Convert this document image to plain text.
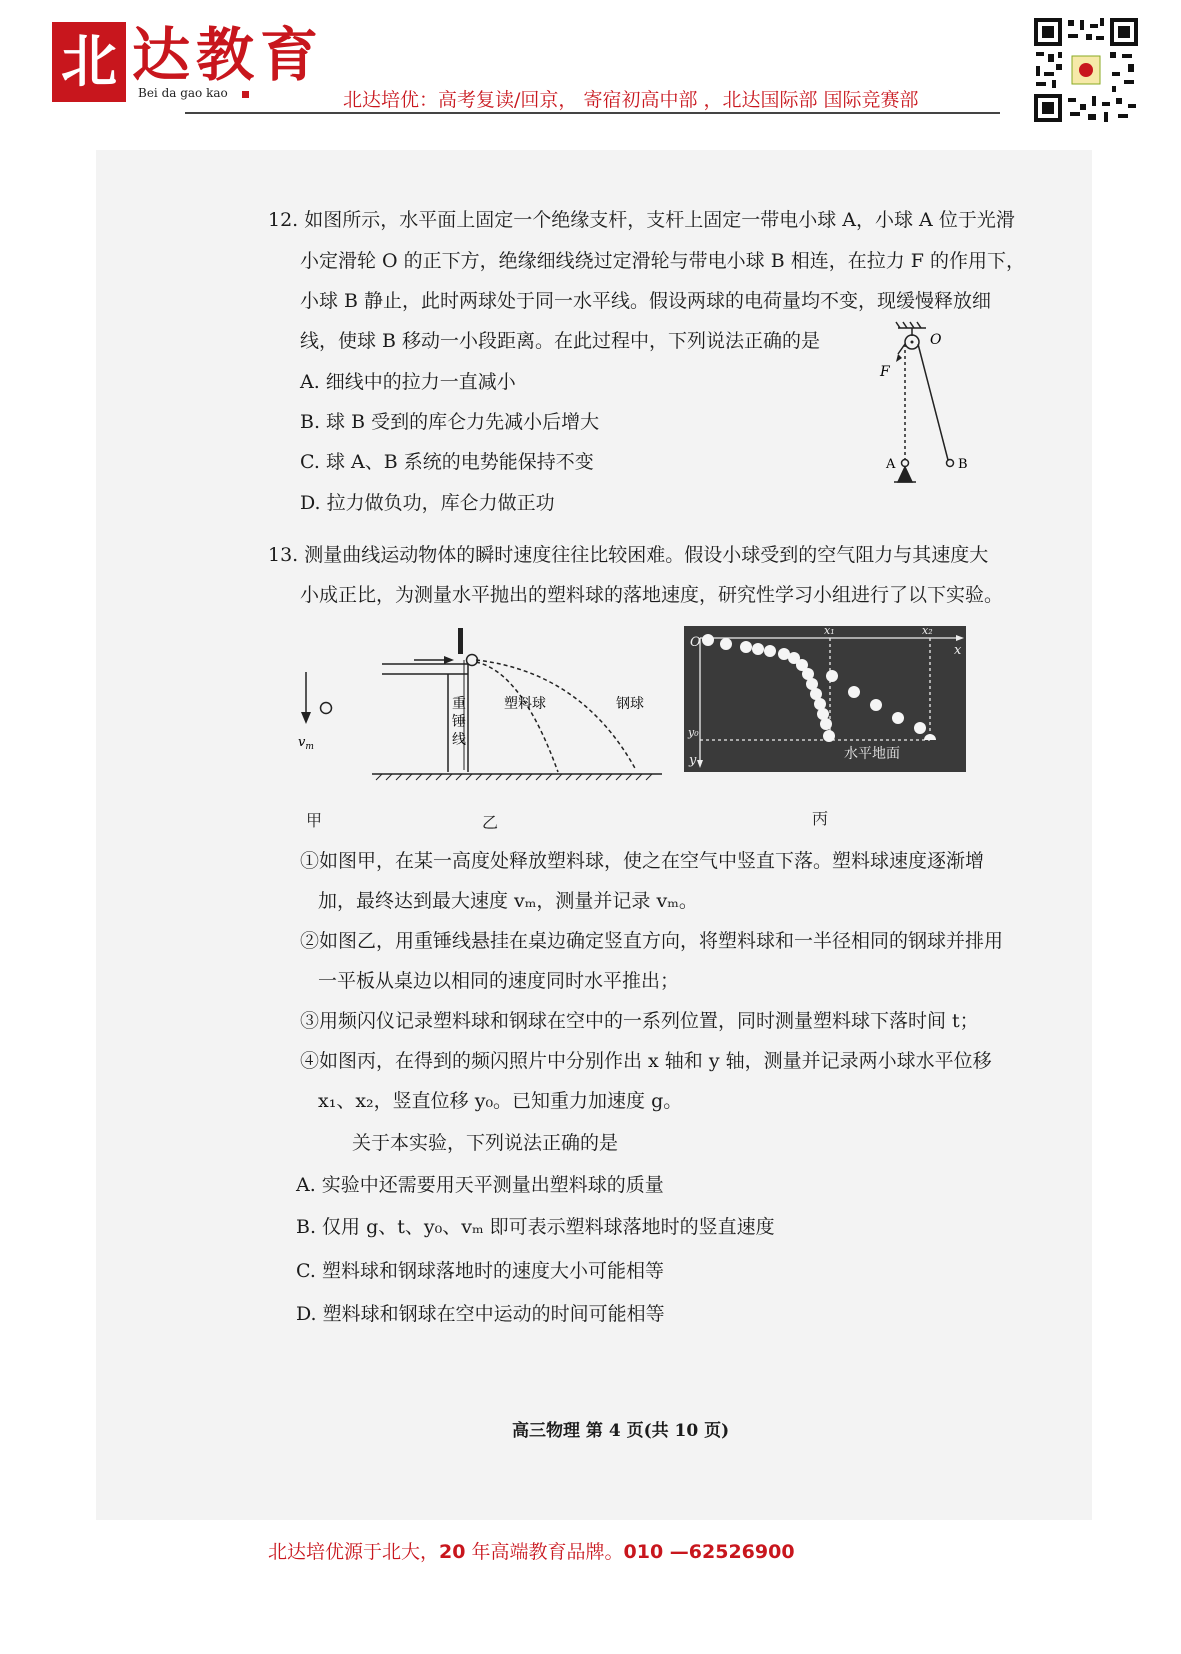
北 达教育
Bei da gao kao	北达培优：高考复读/回京， 寄宿初高中部 ，北达国际部 国际竞赛部
12. 如图所示，水平面上固定一个绝缘支杆，支杆上固定一带电小球 A，小球 A 位于光滑
小定滑轮 O 的正下方，绝缘细线绕过定滑轮与带电小球 B 相连，在拉力 F 的作用下，
小球 B 静止，此时两球处于同一水平线。假设两球的电荷量均不变，现缓慢释放细
线，使球 B 移动一小段距离。在此过程中，下列说法正确的是
A. 细线中的拉力一直减小
B. 球 B 受到的库仑力先减小后增大
C. 球 A、B 系统的电势能保持不变
D. 拉力做负功，库仑力做正功
O
F
A	B
13. 测量曲线运动物体的瞬时速度往往比较困难。假设小球受到的空气阻力与其速度大
小成正比，为测量水平抛出的塑料球的落地速度，研究性学习小组进行了以下实验。
$v_m$
甲
重
锤
线
塑料球	钢球
乙
O
x
x₁	x₂
y₀
y	水平地面
丙
①如图甲，在某一高度处释放塑料球，使之在空气中竖直下落。塑料球速度逐渐增
加，最终达到最大速度 vₘ，测量并记录 vₘ。
②如图乙，用重锤线悬挂在桌边确定竖直方向，将塑料球和一半径相同的钢球并排用
一平板从桌边以相同的速度同时水平推出；
③用频闪仪记录塑料球和钢球在空中的一系列位置，同时测量塑料球下落时间 t；
④如图丙，在得到的频闪照片中分别作出 x 轴和 y 轴，测量并记录两小球水平位移
x₁、x₂，竖直位移 y₀。已知重力加速度 g。
关于本实验，下列说法正确的是
A. 实验中还需要用天平测量出塑料球的质量
B. 仅用 g、t、y₀、vₘ 即可表示塑料球落地时的竖直速度
C. 塑料球和钢球落地时的速度大小可能相等
D. 塑料球和钢球在空中运动的时间可能相等
高三物理 第 4 页(共 10 页)
北达培优源于北大，20 年高端教育品牌。010 —62526900
